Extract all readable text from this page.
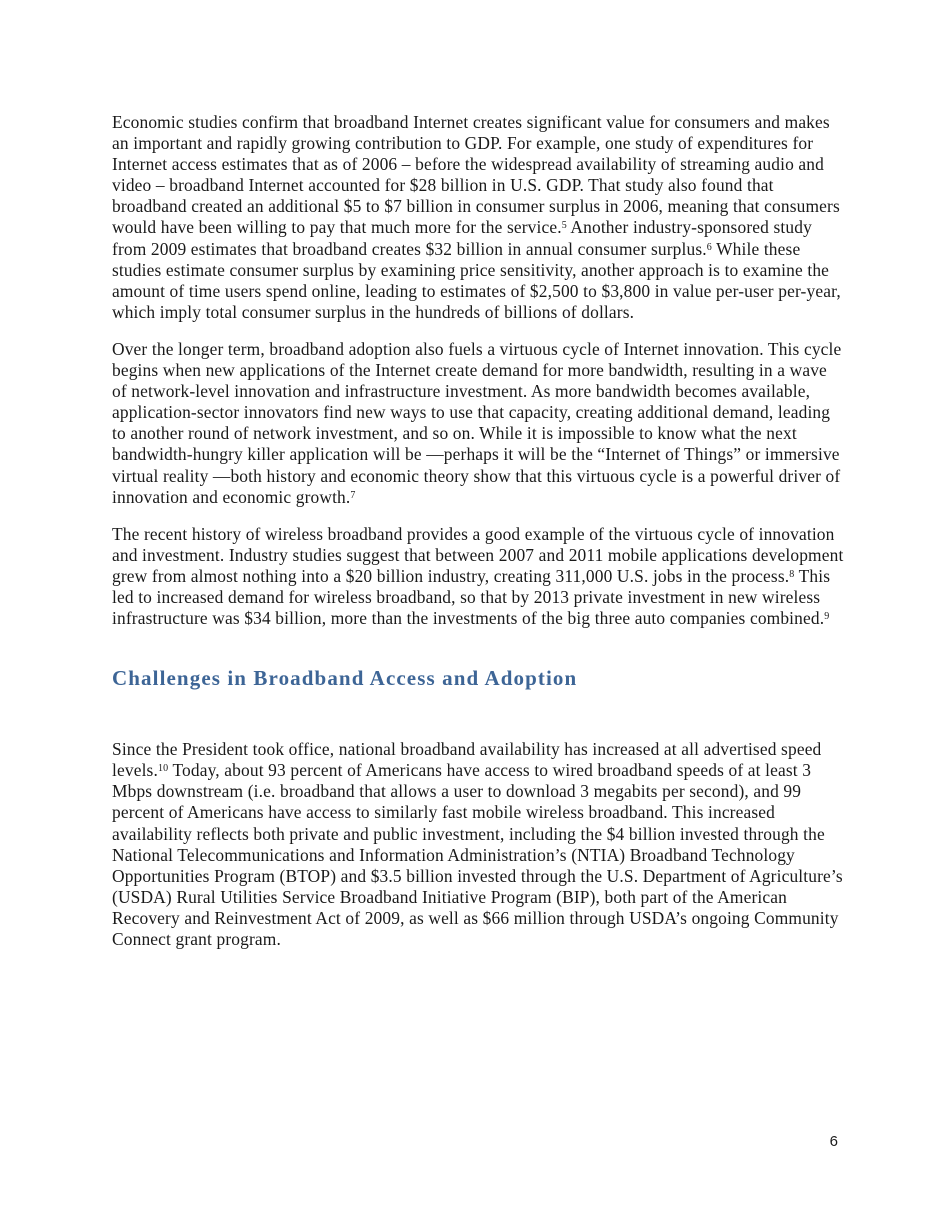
Economic studies confirm that broadband Internet creates significant value for consumers and makes an important and rapidly growing contribution to GDP. For example, one study of expenditures for Internet access estimates that as of 2006 – before the widespread availability of streaming audio and video – broadband Internet accounted for $28 billion in U.S. GDP. That study also found that broadband created an additional $5 to $7 billion in consumer surplus in 2006, meaning that consumers would have been willing to pay that much more for the service.$^5$ Another industry-sponsored study from 2009 estimates that broadband creates $32 billion in annual consumer surplus.$^6$ While these studies estimate consumer surplus by examining price sensitivity, another approach is to examine the amount of time users spend online, leading to estimates of $2,500 to $3,800 in value per-user per-year, which imply total consumer surplus in the hundreds of billions of dollars.

Over the longer term, broadband adoption also fuels a virtuous cycle of Internet innovation. This cycle begins when new applications of the Internet create demand for more bandwidth, resulting in a wave of network-level innovation and infrastructure investment. As more bandwidth becomes available, application-sector innovators find new ways to use that capacity, creating additional demand, leading to another round of network investment, and so on. While it is impossible to know what the next bandwidth-hungry killer application will be —perhaps it will be the “Internet of Things” or immersive virtual reality —both history and economic theory show that this virtuous cycle is a powerful driver of innovation and economic growth.$^7$

The recent history of wireless broadband provides a good example of the virtuous cycle of innovation and investment. Industry studies suggest that between 2007 and 2011 mobile applications development grew from almost nothing into a $20 billion industry, creating 311,000 U.S. jobs in the process.$^8$ This led to increased demand for wireless broadband, so that by 2013 private investment in new wireless infrastructure was $34 billion, more than the investments of the big three auto companies combined.$^9$

Challenges in Broadband Access and Adoption

Since the President took office, national broadband availability has increased at all advertised speed levels.$^{10}$ Today, about 93 percent of Americans have access to wired broadband speeds of at least 3 Mbps downstream (i.e. broadband that allows a user to download 3 megabits per second), and 99 percent of Americans have access to similarly fast mobile wireless broadband. This increased availability reflects both private and public investment, including the $4 billion invested through the National Telecommunications and Information Administration’s (NTIA) Broadband Technology Opportunities Program (BTOP) and $3.5 billion invested through the U.S. Department of Agriculture’s (USDA) Rural Utilities Service Broadband Initiative Program (BIP), both part of the American Recovery and Reinvestment Act of 2009, as well as $66 million through USDA’s ongoing Community Connect grant program.

6
